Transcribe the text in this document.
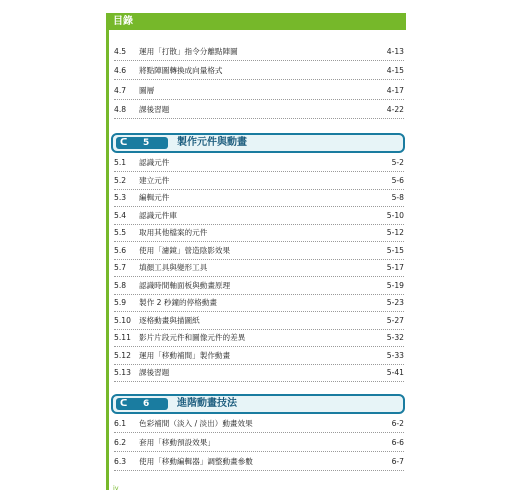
目錄
4.5 運用「打散」指令分離點陣圖	4-13
4.6 將點陣圖轉換成向量格式	4-15
4.7 圖層	4-17
4.8 課後習題	4-22
ᑕ 5	製作元件與動畫
5.1 認識元件	5-2
5.2 建立元件	5-6
5.3 編輯元件	5-8
5.4 認識元件庫	5-10
5.5 取用其他檔案的元件	5-12
5.6 使用「濾鏡」營造陰影效果	5-15
5.7 填顏工具與變形工具	5-17
5.8 認識時間軸面板與動畫原理	5-19
5.9 製作 2 秒鐘的停格動畫	5-23
5.10 逐格動畫與描圖紙	5-27
5.11 影片片段元件和圖像元件的差異	5-32
5.12 運用「移動補間」製作動畫	5-33
5.13 課後習題	5-41
ᑕ 6	進階動畫技法
6.1 色彩補間（淡入 / 淡出）動畫效果	6-2
6.2 套用「移動預設效果」	6-6
6.3 使用「移動編輯器」調整動畫參數	6-7
iv
